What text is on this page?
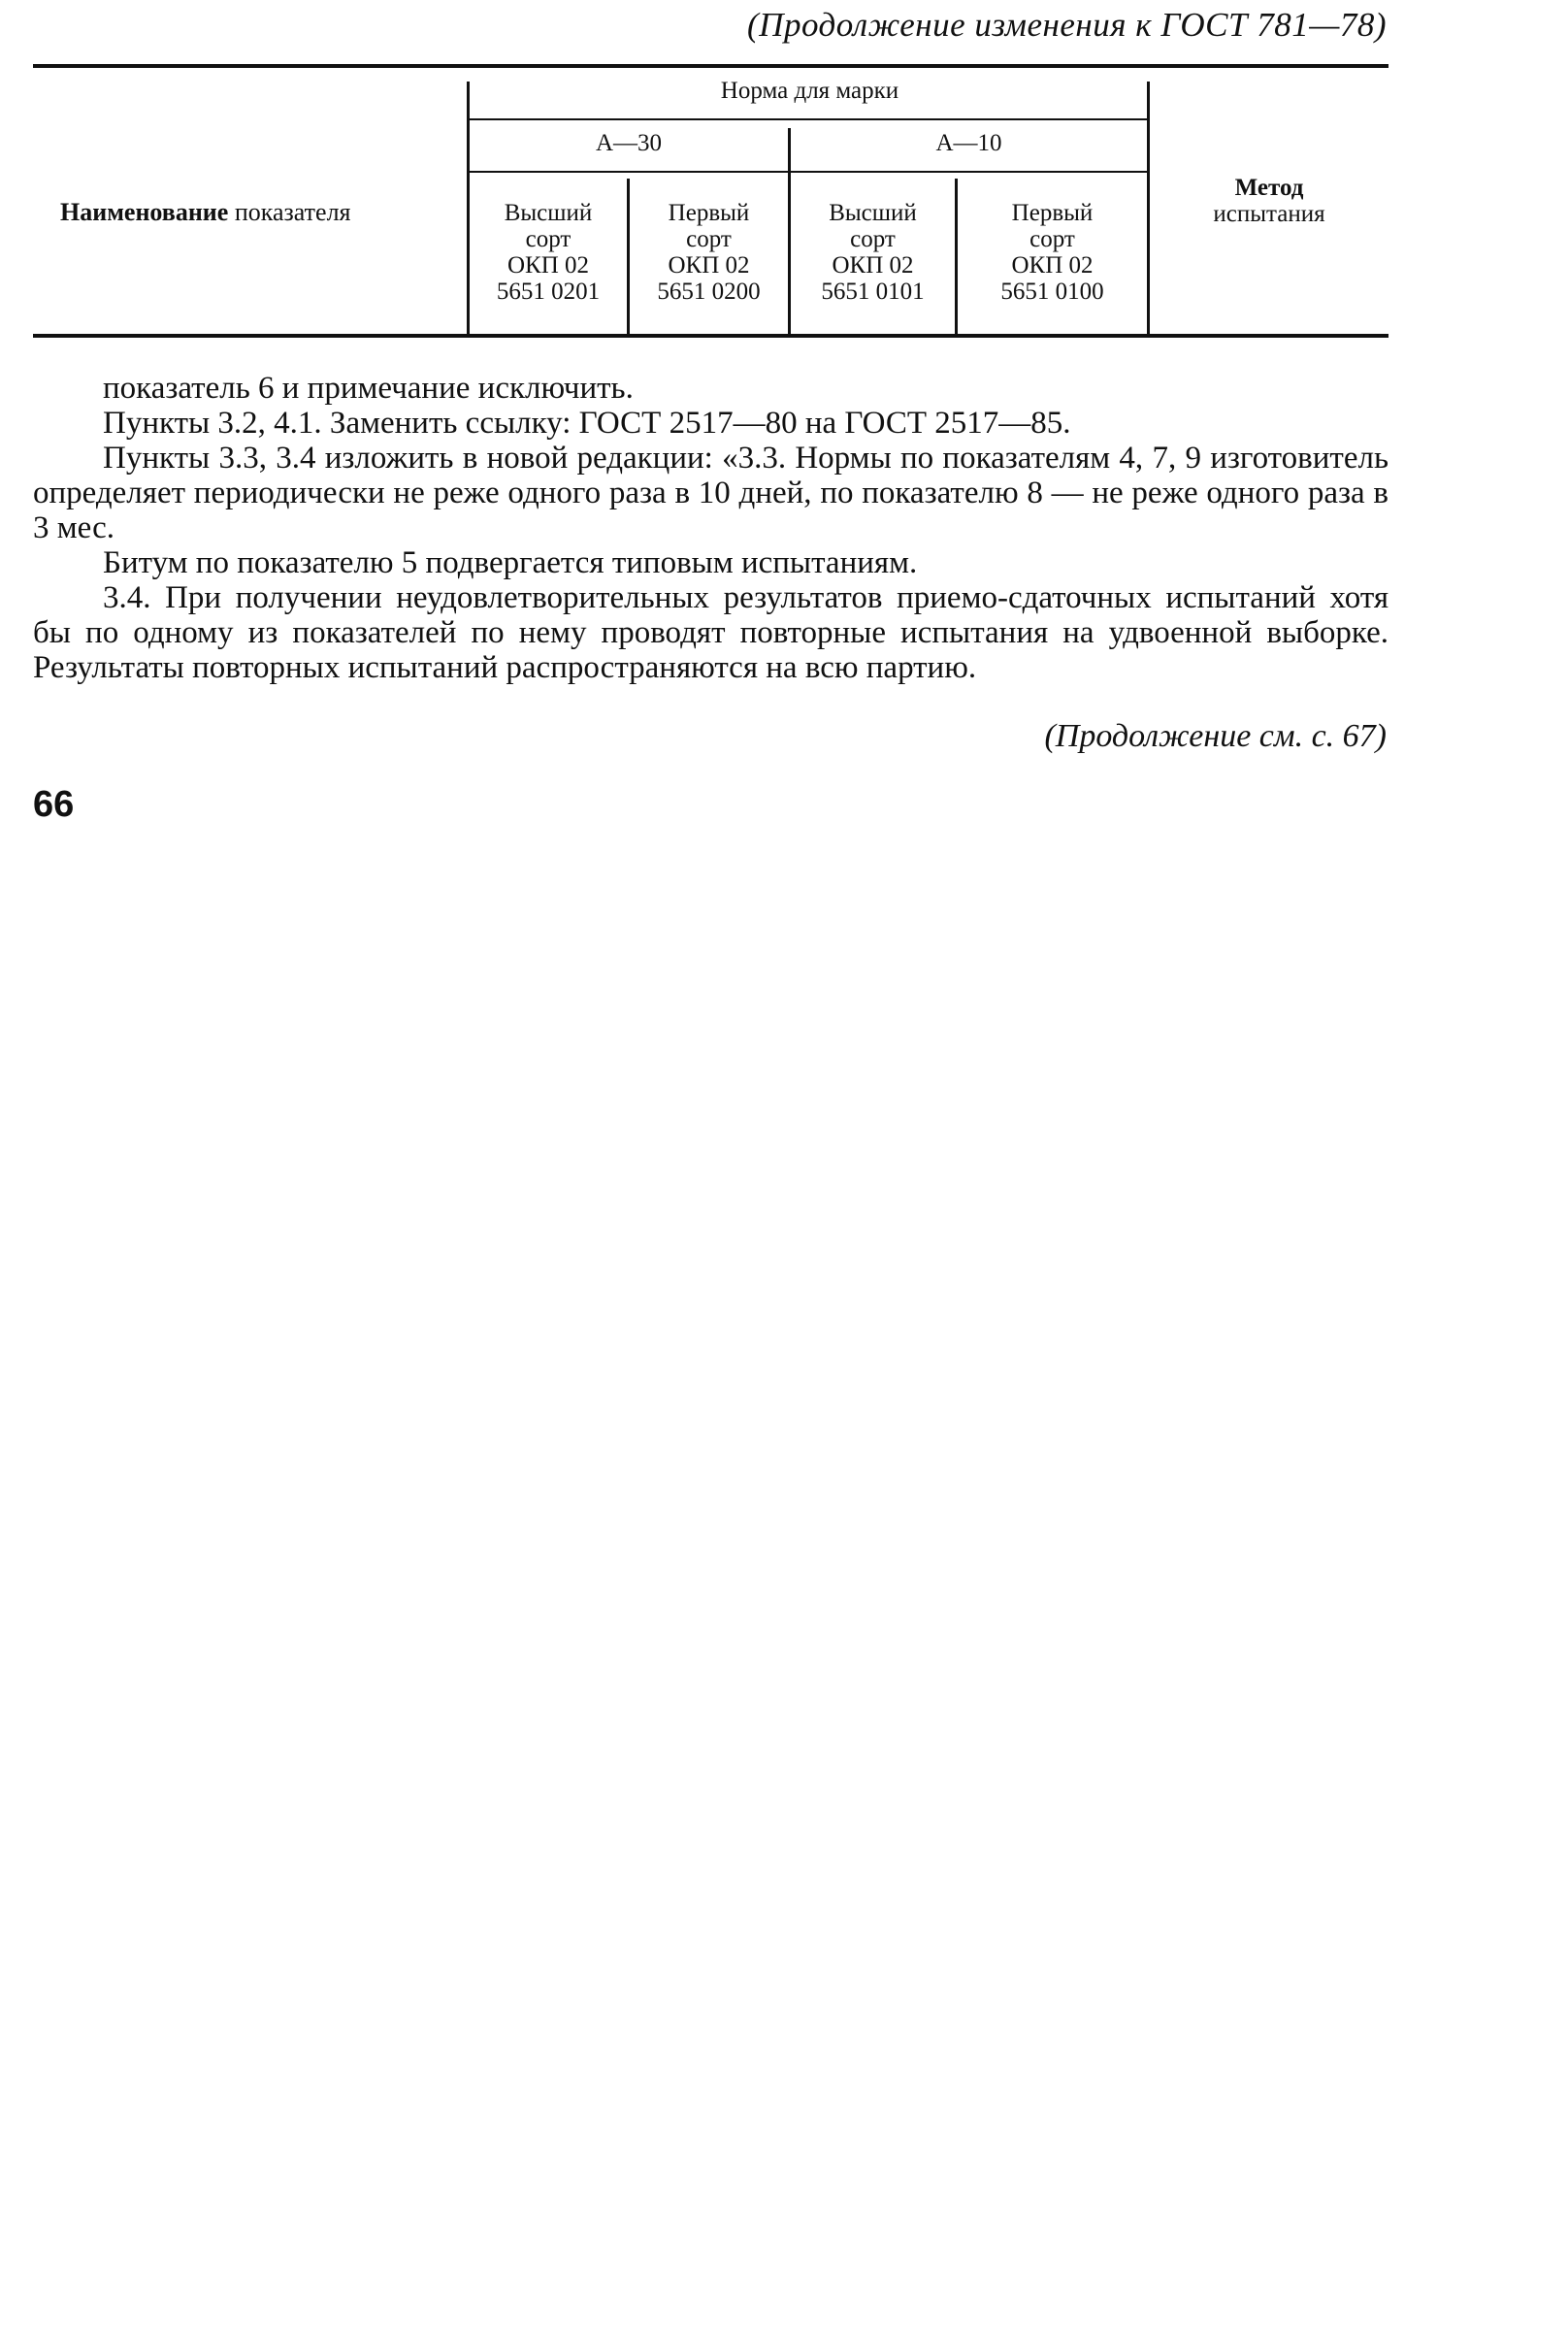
(Продолжение изменения к ГОСТ 781—78)
Наименование показателя
Норма для марки
А—30	А—10
Метод
испытания
Высший
сорт
ОКП 02
5651 0201
Первый
сорт
ОКП 02
5651 0200
Высший
сорт
ОКП 02
5651 0101
Первый
сорт
ОКП 02
5651 0100

показатель 6 и примечание исключить.

Пункты 3.2, 4.1. Заменить ссылку: ГОСТ 2517—80 на ГОСТ 2517—85.

Пункты 3.3, 3.4 изложить в новой редакции: «3.3. Нормы по показателям 4, 7, 9 изготовитель определяет периодически не реже одного раза в 10 дней, по показателю 8 — не реже одного раза в 3 мес.

Битум по показателю 5 подвергается типовым испытаниям.

3.4. При получении неудовлетворительных результатов приемо-сдаточных испытаний хотя бы по одному из показателей по нему проводят повторные испытания на удвоенной выборке. Результаты повторных испытаний распространяются на всю партию.

(Продолжение см. с. 67)
66
